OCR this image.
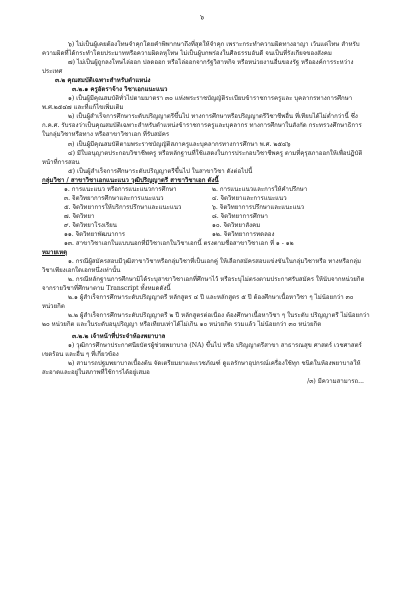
๖

๖) ไม่เป็นผู้เคยต้องโทษจำคุกโดยคำพิพากษาถึงที่สุดให้จำคุก เพราะกระทำความผิดทางอาญา เว้นแต่โทษ สำหรับความผิดที่ได้กระทำโดยประมาทหรือความผิดลหุโทษ ไม่เป็นผู้บกพร่องในศีลธรรมอันดี จนเป็นที่รังเกียจของสังคม

๗) ไม่เป็นผู้ถูกลงโทษไล่ออก ปลดออก หรือไล่ออกจากรัฐวิสาหกิจ หรือหน่วยงานอื่นของรัฐ หรือองค์การระหว่างประเทศ

๓.๒ คุณสมบัติเฉพาะสำหรับตำแหน่ง

๓.๒.๑ ครูอัตราจ้าง วิชาเอกแนะแนว

๑) เป็นผู้มีคุณสมบัติทั่วไปตามมาตรา ๓๐ แห่งพระราชบัญญัติระเบียบข้าราชการครูและ บุคลากรทางการศึกษา พ.ศ.๒๕๔๗ และที่แก้ไขเพิ่มเติม

๒) เป็นผู้สำเร็จการศึกษาระดับปริญญาตรีขึ้นไป ทางการศึกษาหรือปริญญาตรีวิชาชีพอื่น ที่เทียบได้ไม่ต่ำกว่านี้ ซึ่ง ก.ค.ศ. รับรองว่าเป็นคุณสมบัติเฉพาะสำหรับตำแหน่งข้าราชการครูและบุคลากร ทางการศึกษาในสังกัด กระทรวงศึกษาธิการ ในกลุ่มวิชาหรือทาง หรือสาขาวิชาเอก ที่รับสมัคร

๓) เป็นผู้มีคุณสมบัติตามพระราชบัญญัติสภาครูและบุคลากรทางการศึกษา พ.ศ. ๒๕๔๖

๔) มีใบอนุญาตประกอบวิชาชีพครู หรือหลักฐานที่ใช้แสดงในการประกอบวิชาชีพครู ตามที่คุรุสภาออกให้เพื่อปฏิบัติหน้าที่การสอน

๕) เป็นผู้สำเร็จการศึกษาระดับปริญญาตรีขึ้นไป ในสาขาวิชา ดังต่อไปนี้

กลุ่มวิชา / สาขาวิชาเอกแนะแนว วุฒิปริญญาตรี สาขาวิชาเอก ดังนี้

๑. การแนะแนว หรือการแนะแนวการศึกษา	๒. การแนะแนวและการให้คำปรึกษา
๓. จิตวิทยาการศึกษาและการแนะแนว	๔. จิตวิทยาและการแนะแนว
๕. จิตวิทยาการให้บริการปรึกษาและแนะแนว	๖. จิตวิทยาการปรึกษาและแนะแนว
๗. จิตวิทยา	๘. จิตวิทยาการศึกษา
๙. จิตวิทยาโรงเรียน	๑๐. จิตวิทยาสังคม
๑๑. จิตวิทยาพัฒนาการ	๑๒. จิตวิทยาการทดลอง

๑๓. สาขาวิชาเอกในแบบนอกที่มีวิชาเอกในวิชาเอกนี้ ตรงตามชื่อสาขาวิชาเอก ที่ ๑ - ๑๒

หมายเหตุ

๑. กรณีผู้สมัครสอบมีวุฒิสาขาวิชาหรือกลุ่มวิชาที่เป็นเอกคู่ ให้เลือกสมัครสอบแข่งขันในกลุ่มวิชาหรือ ทางหรือกลุ่มวิชาเพียงเอกใดเอกหนึ่งเท่านั้น

๒. กรณีหลักฐานการศึกษามิได้ระบุสาขาวิชาเอกที่ศึกษาไว้ หรือระบุไม่ตรงตามประกาศรับสมัคร ให้นับจากหน่วยกิต จากรายวิชาที่ศึกษาตาม Transcript ทั้งหมดดังนี้

๒.๑ ผู้สำเร็จการศึกษาระดับปริญญาตรี หลักสูตร ๔ ปี และหลักสูตร ๕ ปี ต้องศึกษาเนื้อหาวิชา ๆ ไม่น้อยกว่า ๓๐ หน่วยกิต

๒.๒ ผู้สำเร็จการศึกษาระดับปริญญาตรี ๒ ปี หลักสูตรต่อเนื่อง ต้องศึกษาเนื้อหาวิชา ๆ ในระดับ ปริญญาตรี ไม่น้อยกว่า ๒๐ หน่วยกิต และในระดับอนุปริญญา หรือเทียบเท่าได้ไม่เกิน ๑๐ หน่วยกิต รวมแล้ว ไม่น้อยกว่า ๓๐ หน่วยกิต

๓.๒.๒ เจ้าหน้าที่ประจำห้องพยาบาล

๑) วุฒิการศึกษาประกาศนียบัตรผู้ช่วยพยาบาล (NA) ขึ้นไป หรือ ปริญญาตรีสาขา สาธารณสุข ศาสตร์ เวชศาสตร์เขตร้อน และอื่น ๆ ที่เกี่ยวข้อง

๒) สามารถปฐมพยาบาลเบื้องต้น จัดเตรียมยาและเวชภัณฑ์ ดูแลรักษาอุปกรณ์เครื่องใช้ทุก ชนิดในห้องพยาบาลให้สะอาดและอยู่ในสภาพที่ใช้การได้อยู่เสมอ

/๓) มีความสามารถ...
